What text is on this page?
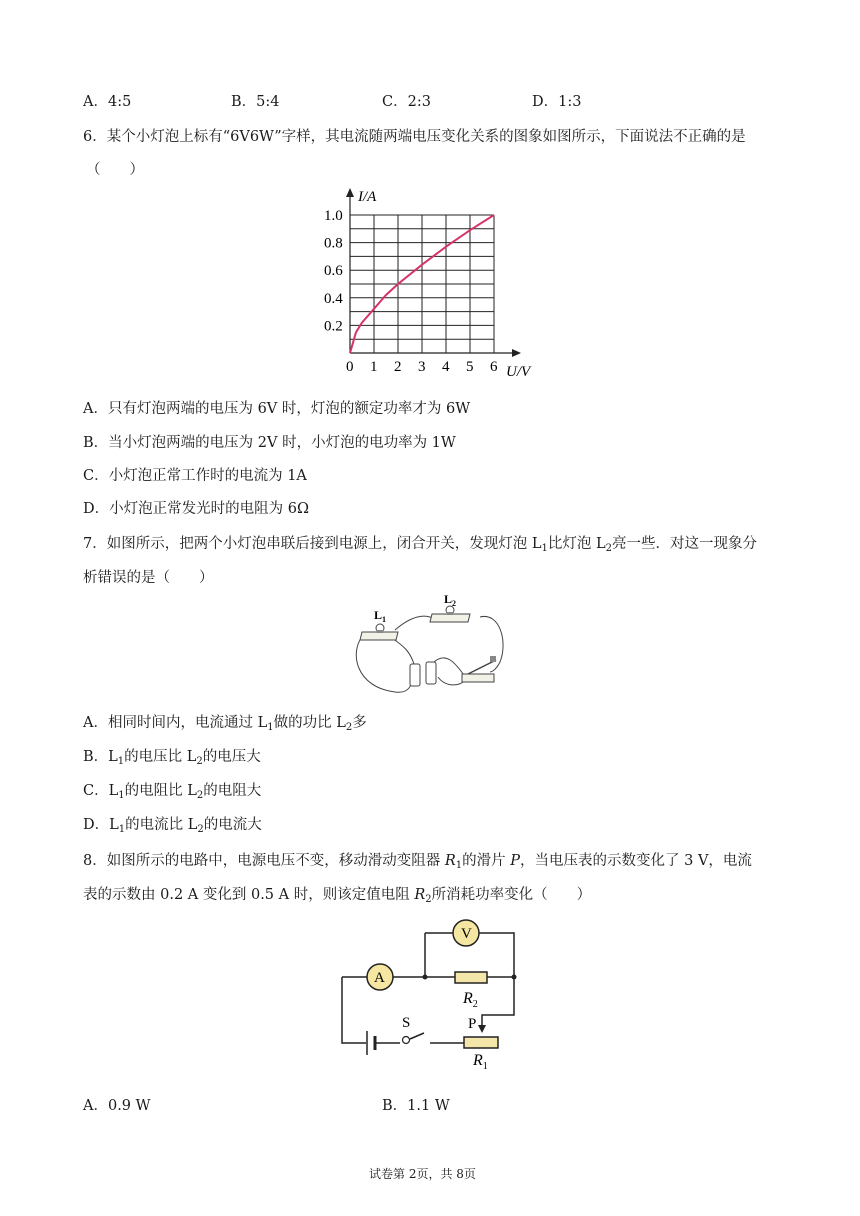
A．4:5	B．5:4	C．2:3	D．1:3
6．某个小灯泡上标有“6V6W”字样，其电流随两端电压变化关系的图象如图所示，下面说法不正确的是
（　　）
0 1 2 3 4 5 6
0.2
0.4
0.6
0.8
1.0
I/A
U/V
A．只有灯泡两端的电压为 6V 时，灯泡的额定功率才为 6W
B．当小灯泡两端的电压为 2V 时，小灯泡的电功率为 1W
C．小灯泡正常工作时的电流为 1A
D．小灯泡正常发光时的电阻为 6Ω
7．如图所示，把两个小灯泡串联后接到电源上，闭合开关，发现灯泡 $L_1$比灯泡 $L_2$亮一些．对这一现象分
析错误的是（　　）
$L_1$
$L_2$
A．相同时间内，电流通过 $L_1$做的功比 $L_2$多
B．$L_1$的电压比 $L_2$的电压大
C．$L_1$的电阻比 $L_2$的电阻大
D．$L_1$的电流比 $L_2$的电流大
8．如图所示的电路中，电源电压不变，移动滑动变阻器 $R_1$的滑片 P，当电压表的示数变化了 3 V，电流
表的示数由 0.2 A 变化到 0.5 A 时，则该定值电阻 $R_2$所消耗功率变化（　　）
S
V
A
$R_2$
P
$R_1$
A．0.9 W	B．1.1 W
试卷第 2页，共 8页
